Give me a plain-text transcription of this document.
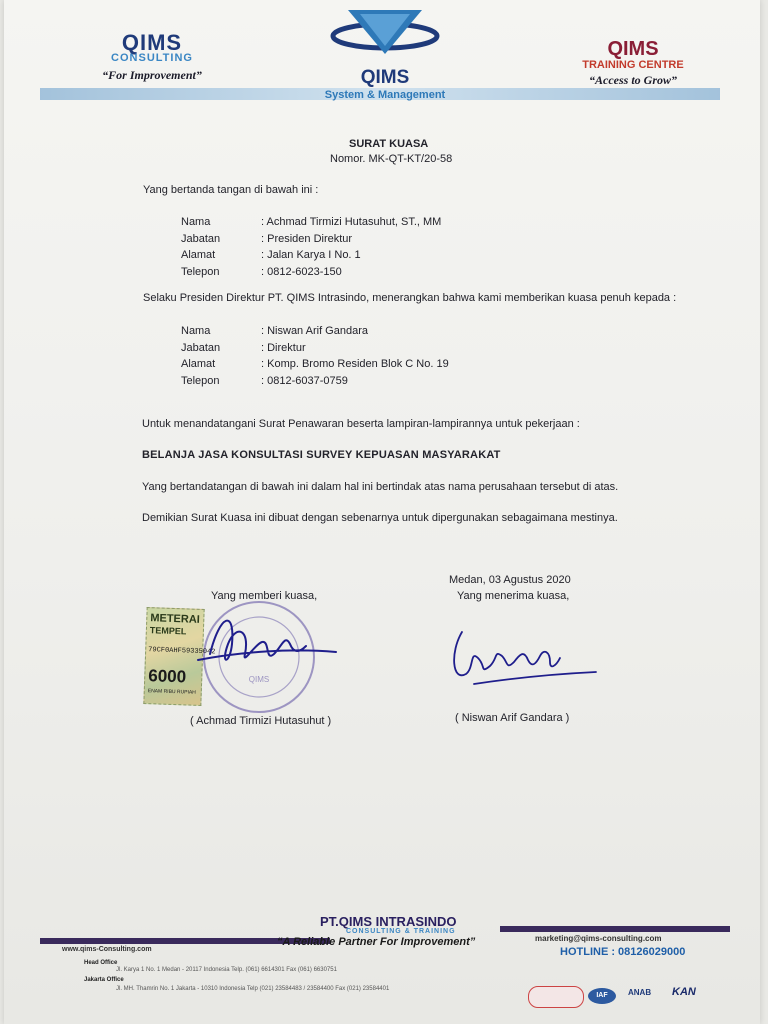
QIMS
CONSULTING
“For Improvement”	QIMS
System & Management
QIMS
TRAINING CENTRE
“Access to Grow”
SURAT KUASA
Nomor. MK-QT-KT/20-58
Yang bertanda tangan di bawah ini :
Nama	: Achmad Tirmizi Hutasuhut, ST., MM
Jabatan	: Presiden Direktur
Alamat	: Jalan Karya I No. 1
Telepon	: 0812-6023-150
Selaku Presiden Direktur PT. QIMS Intrasindo, menerangkan bahwa kami memberikan kuasa penuh kepada :
Nama	: Niswan Arif Gandara
Jabatan	: Direktur
Alamat	: Komp. Bromo Residen Blok C No. 19
Telepon	: 0812-6037-0759
Untuk menandatangani Surat Penawaran beserta lampiran-lampirannya untuk pekerjaan :
BELANJA JASA KONSULTASI SURVEY KEPUASAN MASYARAKAT
Yang bertandatangan di bawah ini dalam hal ini bertindak atas nama perusahaan tersebut di atas.
Demikian Surat Kuasa ini dibuat dengan sebenarnya untuk dipergunakan sebagaimana mestinya.
Medan, 03 Agustus 2020
Yang memberi kuasa,	Yang menerima kuasa,
QIMS
METERAI
TEMPEL
79CF0AHF59335042
6000
ENAM RIBU RUPIAH
( Achmad Tirmizi Hutasuhut )	( Niswan Arif Gandara )
PT.QIMS INTRASINDO
CONSULTING & TRAINING
“A Reliable Partner For Improvement”
www.qims-Consulting.com
marketing@qims-consulting.com
HOTLINE : 08126029000
Head Office
Jl. Karya 1 No. 1 Medan - 20117 Indonesia Telp. (061) 6614301 Fax (061) 6630751
Jakarta Office
Jl. MH. Thamrin No. 1 Jakarta - 10310 Indonesia Telp (021) 23584483 / 23584400 Fax (021) 23584401
IAF	ANAB KAN
